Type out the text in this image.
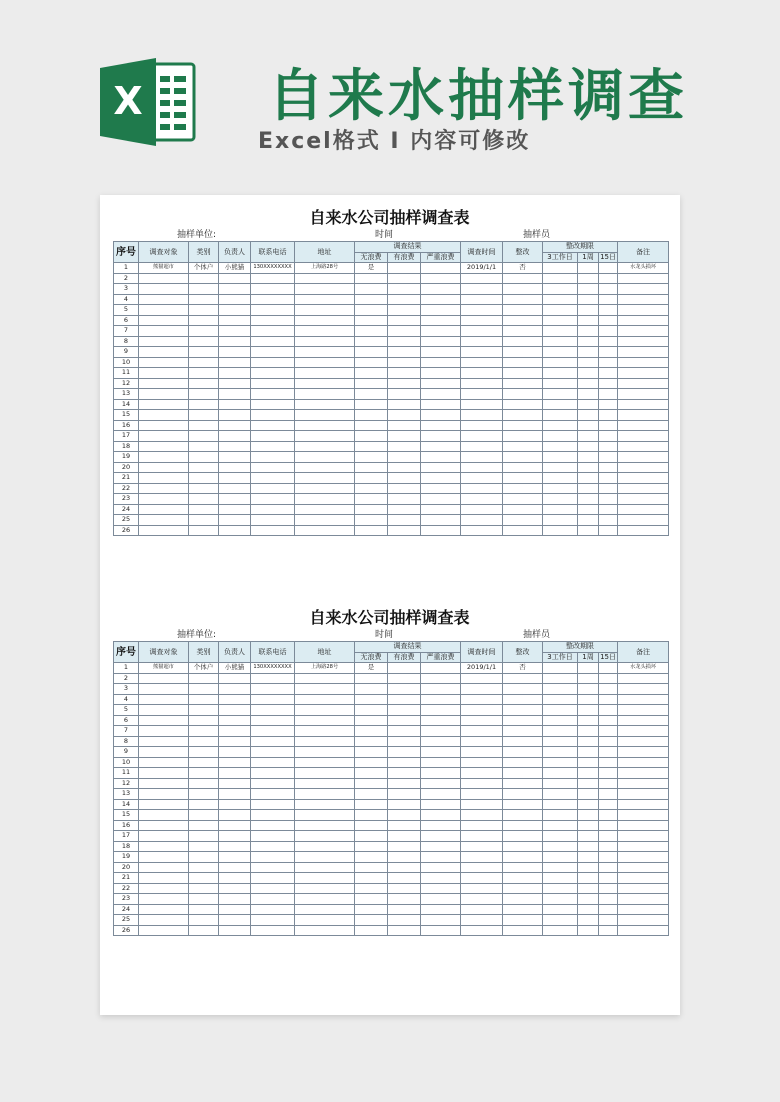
X 自来水抽样调查
Excel格式 I 内容可修改
自来水公司抽样调查表
抽样单位:	时间	抽样员
序号	调查对象	类别	负责人	联系电话	地址	调查结果			调查时间	整改	整改期限			备注
						无浪费	有浪费	严重浪费			3工作日	1周	15日	
1	熊猫超市	个体户	小熊猫	130XXXXXXXX	上海路28号	是			2019/1/1	否				水龙头损坏
2														
3														
4														
5														
6														
7														
8														
9														
10														
11														
12														
13														
14														
15														
16														
17														
18														
19														
20														
21														
22														
23														
24														
25														
26														
自来水公司抽样调查表
抽样单位:	时间	抽样员
序号	调查对象	类别	负责人	联系电话	地址	调查结果			调查时间	整改	整改期限			备注
						无浪费	有浪费	严重浪费			3工作日	1周	15日	
1	熊猫超市	个体户	小熊猫	130XXXXXXXX	上海路28号	是			2019/1/1	否				水龙头损坏
2														
3														
4														
5														
6														
7														
8														
9														
10														
11														
12														
13														
14														
15														
16														
17														
18														
19														
20														
21														
22														
23														
24														
25														
26														
